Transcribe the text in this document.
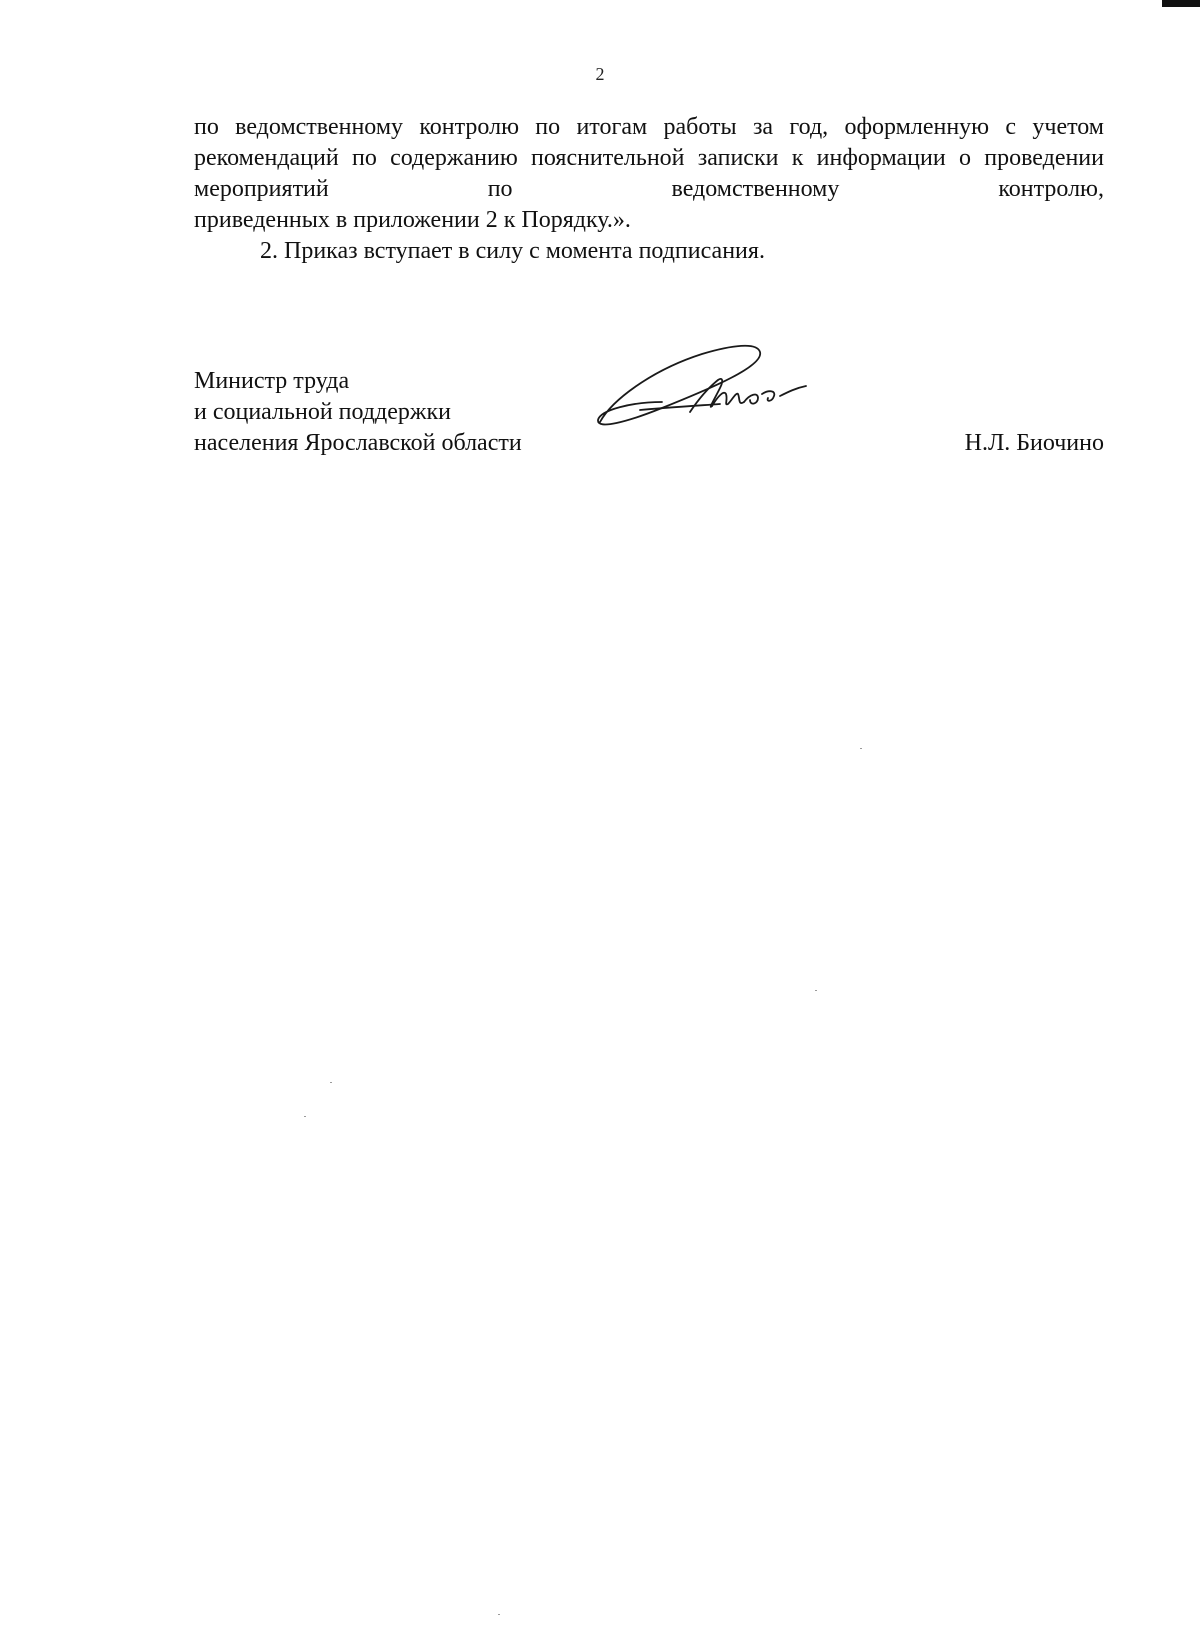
2

по ведомственному контролю по итогам работы за год, оформленную с учетом рекомендаций по содержанию пояснительной записки к информации о проведении мероприятий по ведомственному контролю,

приведенных в приложении 2 к Порядку.».

2. Приказ вступает в силу с момента подписания.

Министр труда
и социальной поддержки
населения Ярославской области	Н.Л. Биочино
